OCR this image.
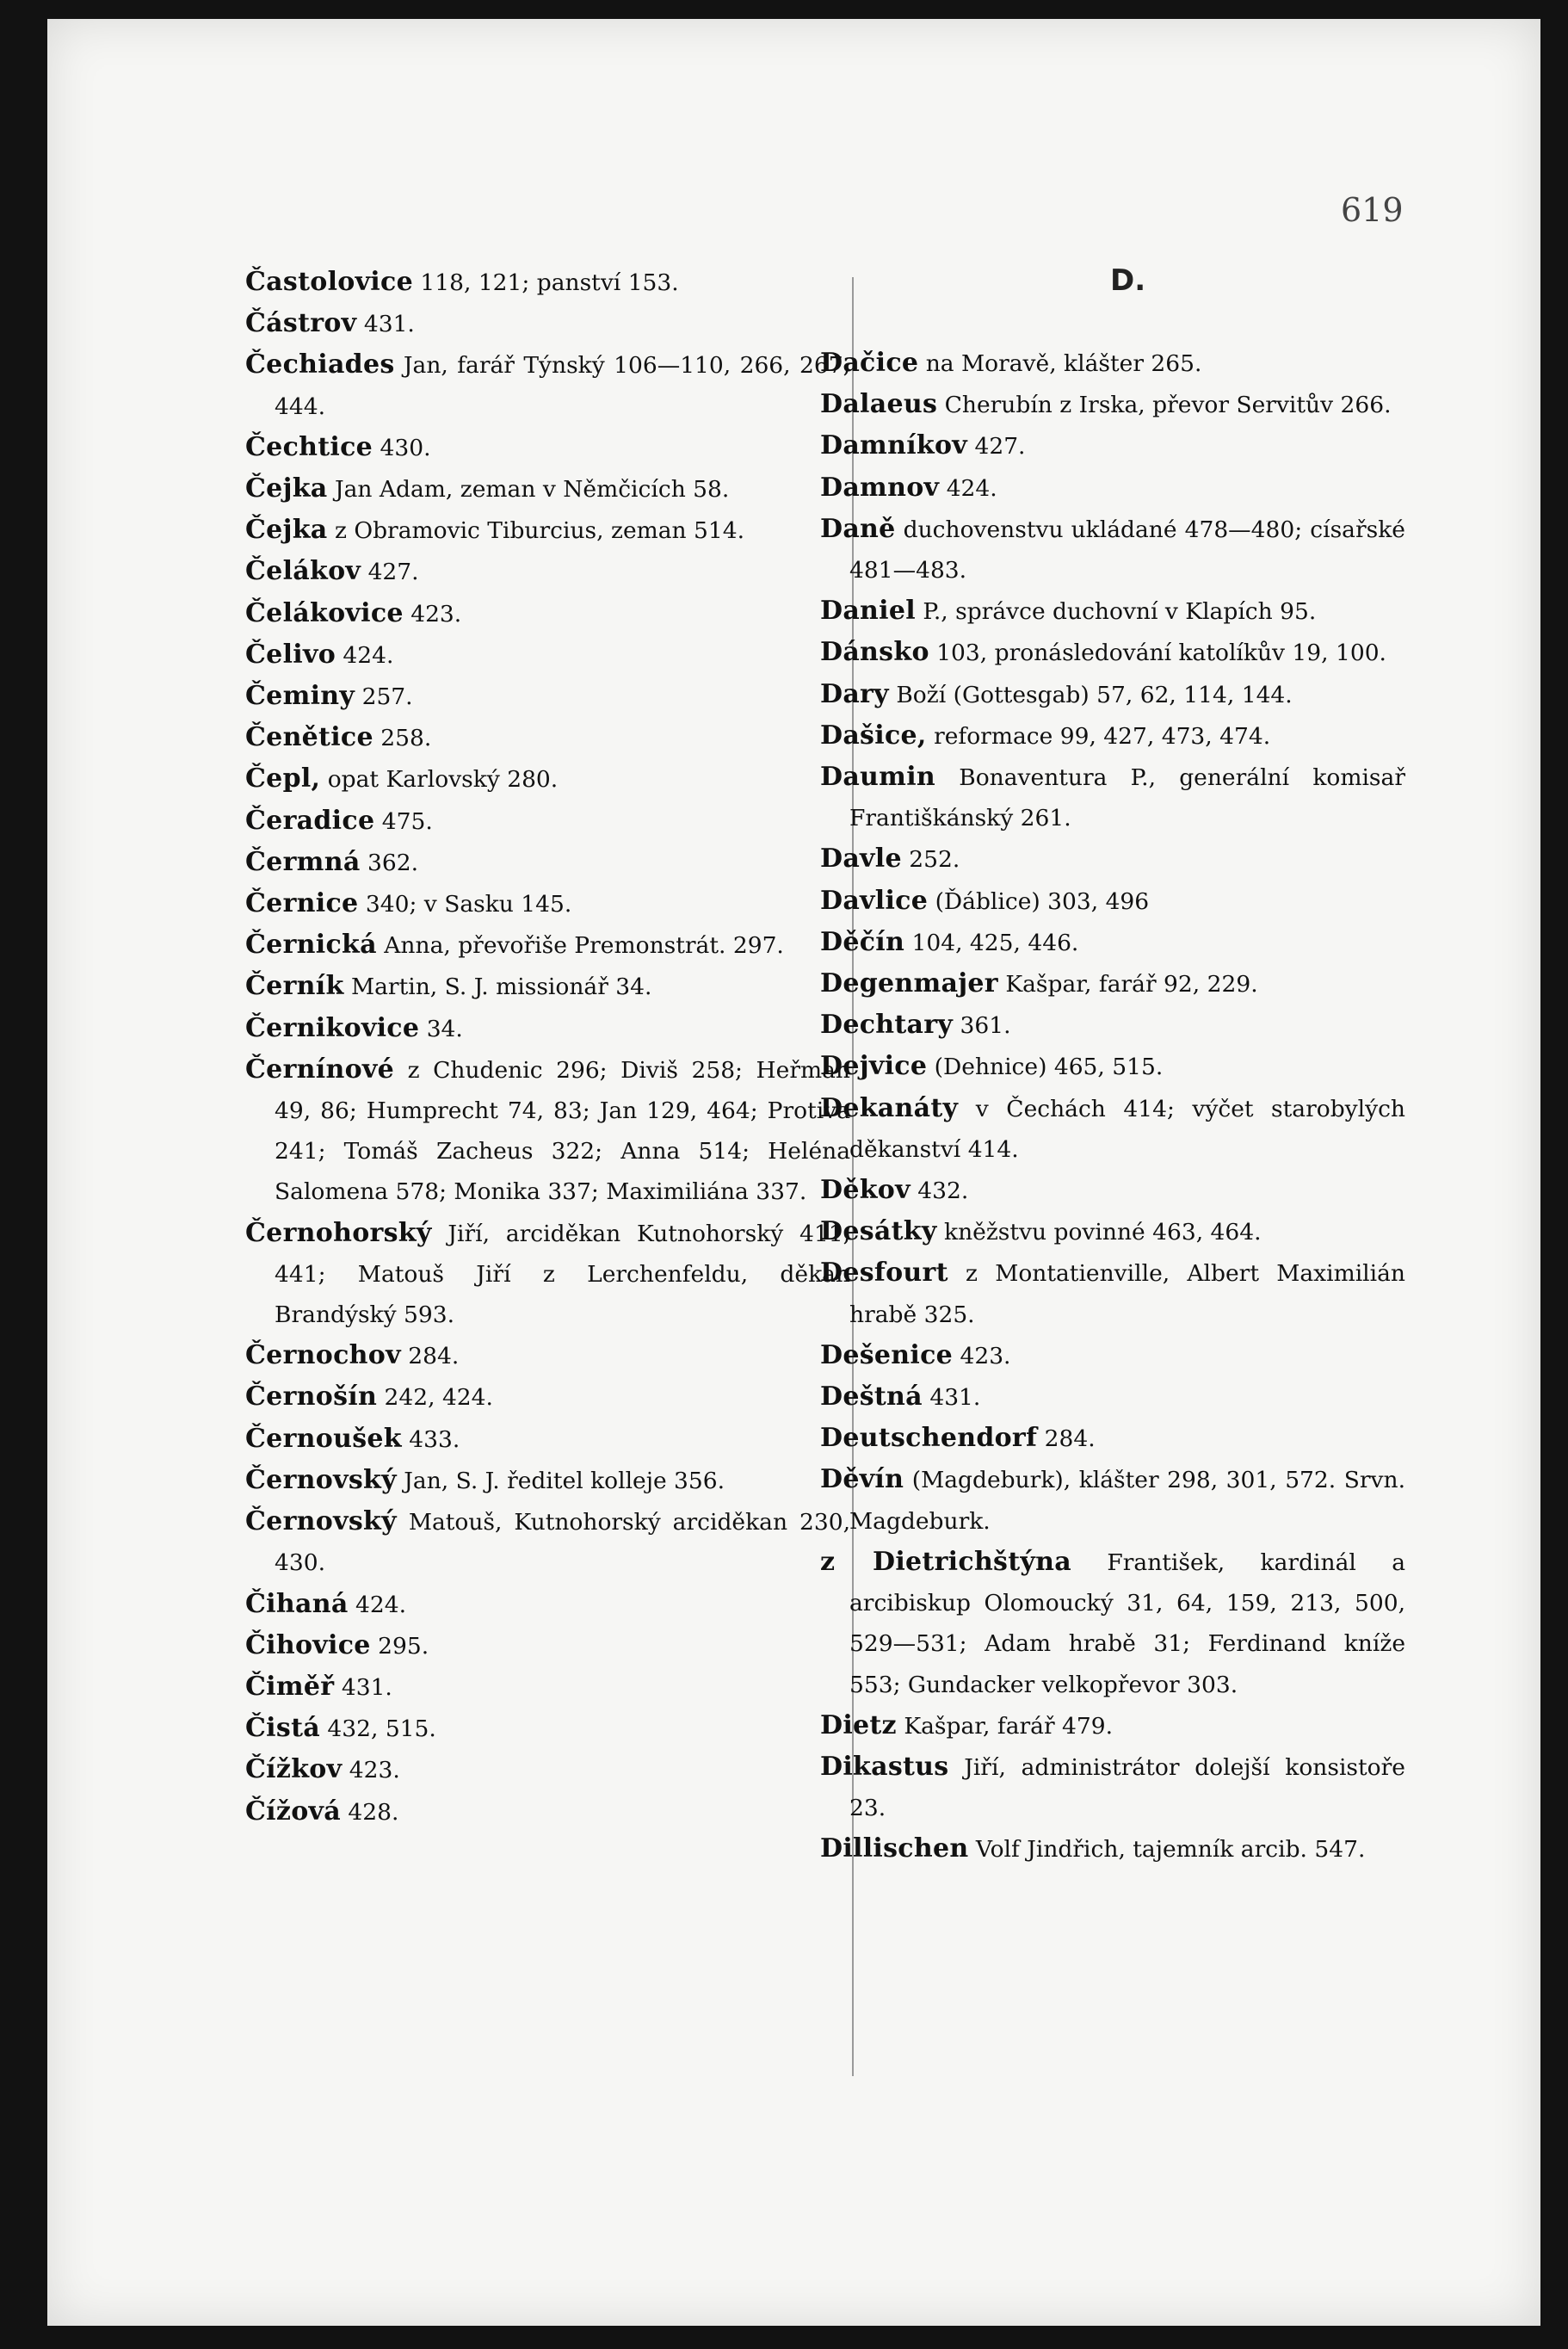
619
D.
Častolovice 118, 121; panství 153.
Částrov 431.
Čechiades Jan, farář Týnský 106—110, 266, 267, 444.
Čechtice 430.
Čejka Jan Adam, zeman v Němčicích 58.
Čejka z Obramovic Tiburcius, zeman 514.
Čelákov 427.
Čelákovice 423.
Čelivo 424.
Čeminy 257.
Čenětice 258.
Čepl, opat Karlovský 280.
Čeradice 475.
Čermná 362.
Černice 340; v Sasku 145.
Černická Anna, převořiše Premonstrát. 297.
Černík Martin, S. J. missionář 34.
Černikovice 34.
Černínové z Chudenic 296; Diviš 258; Heřman 49, 86; Humprecht 74, 83; Jan 129, 464; Protiva 241; Tomáš Zacheus 322; Anna 514; Heléna Salomena 578; Monika 337; Maximiliána 337.
Černohorský Jiří, arciděkan Kutnohorský 411, 441; Matouš Jiří z Lerchenfeldu, děkan Brandýský 593.
Černochov 284.
Černošín 242, 424.
Černoušek 433.
Černovský Jan, S. J. ředitel kolleje 356.
Černovský Matouš, Kutnohorský arciděkan 230, 430.
Čihaná 424.
Čihovice 295.
Čiměř 431.
Čistá 432, 515.
Čížkov 423.
Čížová 428.
Dačice na Moravě, klášter 265.
Dalaeus Cherubín z Irska, převor Servitův 266.
Damníkov 427.
Damnov 424.
Daně duchovenstvu ukládané 478—480; císařské 481—483.
Daniel P., správce duchovní v Klapích 95.
Dánsko 103, pronásledování katolíkův 19, 100.
Dary Boží (Gottesgab) 57, 62, 114, 144.
Dašice, reformace 99, 427, 473, 474.
Daumin Bonaventura P., generální komisař Františkánský 261.
Davle 252.
Davlice (Ďáblice) 303, 496
Děčín 104, 425, 446.
Degenmajer Kašpar, farář 92, 229.
Dechtary 361.
Dejvice (Dehnice) 465, 515.
Dekanáty v Čechách 414; výčet starobylých děkanství 414.
Děkov 432.
Desátky kněžstvu povinné 463, 464.
Desfourt z Montatienville, Albert Maximilián hrabě 325.
Dešenice 423.
Deštná 431.
Deutschendorf 284.
Děvín (Magdeburk), klášter 298, 301, 572. Srvn. Magdeburk.
z Dietrichštýna František, kardinál a arcibiskup Olomoucký 31, 64, 159, 213, 500, 529—531; Adam hrabě 31; Ferdinand kníže 553; Gundacker velkopřevor 303.
Dietz Kašpar, farář 479.
Dikastus Jiří, administrátor dolejší konsistoře 23.
Dillischen Volf Jindřich, tajemník arcib. 547.
